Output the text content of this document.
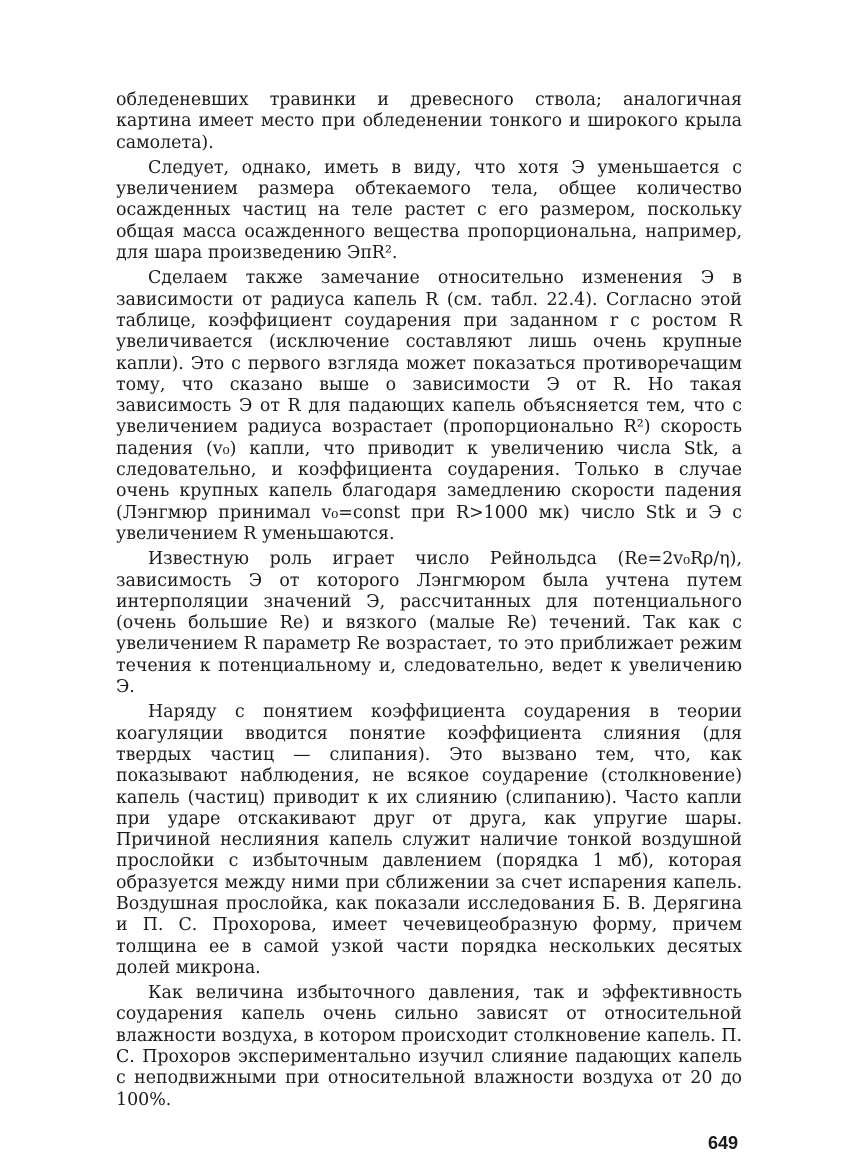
обледеневших травинки и древесного ствола; аналогичная картина имеет место при обледенении тонкого и широкого крыла самолета).

Следует, однако, иметь в виду, что хотя Э уменьшается с увеличением размера обтекаемого тела, общее количество осажденных частиц на теле растет с его размером, поскольку общая масса осажденного вещества пропорциональна, например, для шара произведению ЭπR².

Сделаем также замечание относительно изменения Э в зависимости от радиуса капель R (см. табл. 22.4). Согласно этой таблице, коэффициент соударения при заданном r с ростом R увеличивается (исключение составляют лишь очень крупные капли). Это с первого взгляда может показаться противоречащим тому, что сказано выше о зависимости Э от R. Но такая зависимость Э от R для падающих капель объясняется тем, что с увеличением радиуса возрастает (пропорционально R²) скорость падения (v₀) капли, что приводит к увеличению числа Stk, а следовательно, и коэффициента соударения. Только в случае очень крупных капель благодаря замедлению скорости падения (Лэнгмюр принимал v₀=const при R>1000 мк) число Stk и Э с увеличением R уменьшаются.

Известную роль играет число Рейнольдса (Re=2v₀Rρ/η), зависимость Э от которого Лэнгмюром была учтена путем интерполяции значений Э, рассчитанных для потенциального (очень большие Re) и вязкого (малые Re) течений. Так как с увеличением R параметр Re возрастает, то это приближает режим течения к потенциальному и, следовательно, ведет к увеличению Э.

Наряду с понятием коэффициента соударения в теории коагуляции вводится понятие коэффициента слияния (для твердых частиц — слипания). Это вызвано тем, что, как показывают наблюдения, не всякое соударение (столкновение) капель (частиц) приводит к их слиянию (слипанию). Часто капли при ударе отскакивают друг от друга, как упругие шары. Причиной неслияния капель служит наличие тонкой воздушной прослойки с избыточным давлением (порядка 1 мб), которая образуется между ними при сближении за счет испарения капель. Воздушная прослойка, как показали исследования Б. В. Дерягина и П. С. Прохорова, имеет чечевицеобразную форму, причем толщина ее в самой узкой части порядка нескольких десятых долей микрона.

Как величина избыточного давления, так и эффективность соударения капель очень сильно зависят от относительной влажности воздуха, в котором происходит столкновение капель. П. С. Прохоров экспериментально изучил слияние падающих капель с неподвижными при относительной влажности воздуха от 20 до 100%.

649
